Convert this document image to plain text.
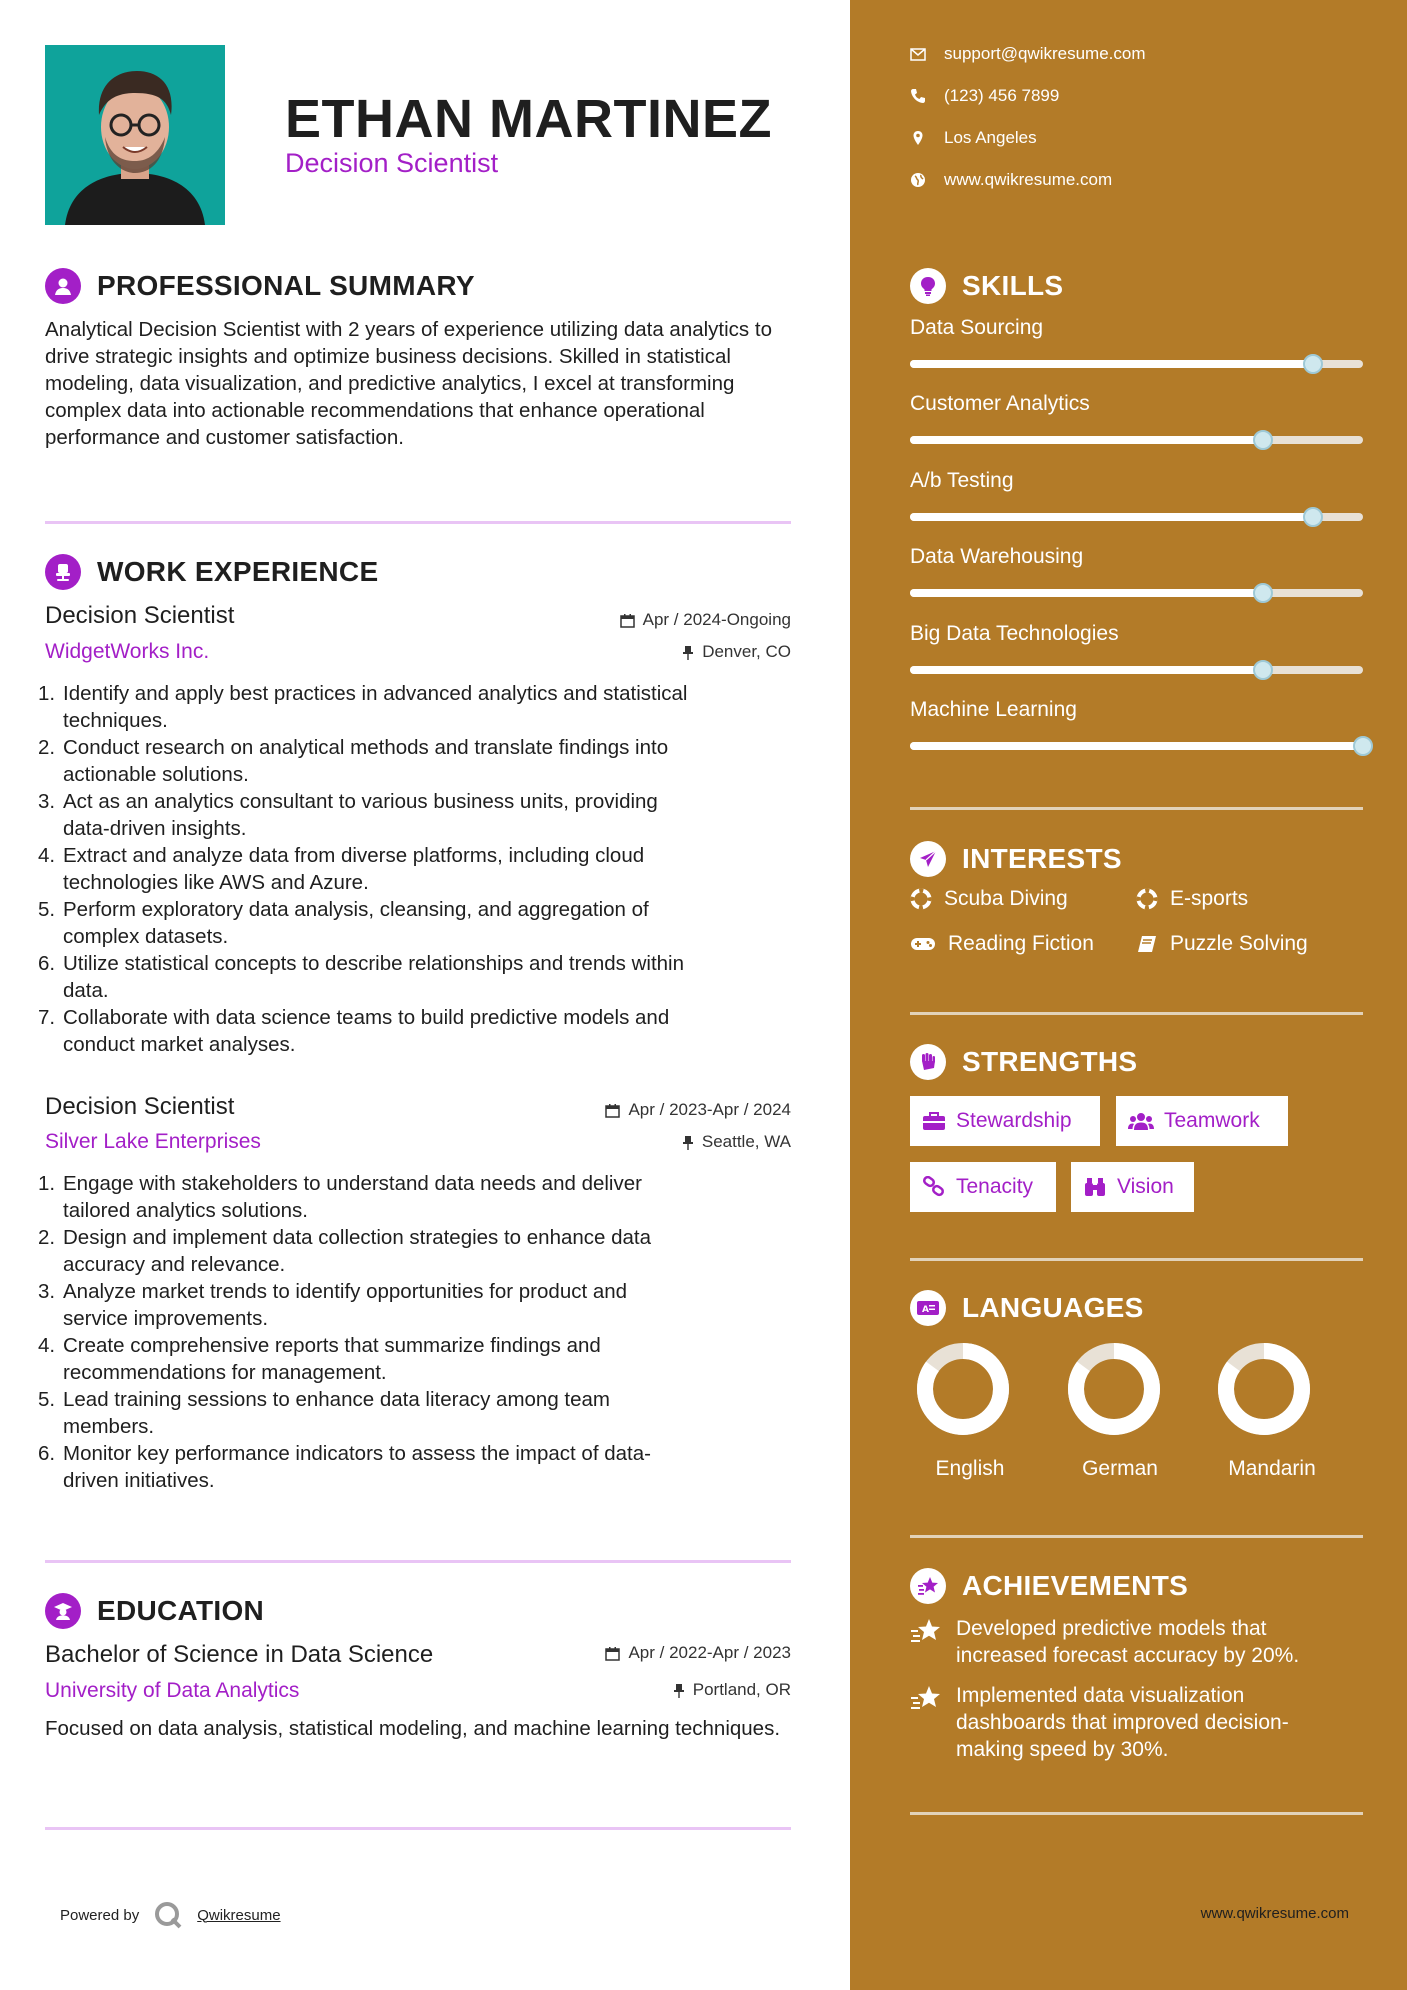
ETHAN MARTINEZ
Decision Scientist
PROFESSIONAL SUMMARY
Analytical Decision Scientist with 2 years of experience utilizing data analytics to drive strategic insights and optimize business decisions. Skilled in statistical modeling, data visualization, and predictive analytics, I excel at transforming complex data into actionable recommendations that enhance operational performance and customer satisfaction.
WORK EXPERIENCE
Decision Scientist	Apr / 2024-Ongoing
WidgetWorks Inc.	Denver, CO
1. Identify and apply best practices in advanced analytics and statistical
techniques.
2. Conduct research on analytical methods and translate findings into
actionable solutions.
3. Act as an analytics consultant to various business units, providing
data-driven insights.
4. Extract and analyze data from diverse platforms, including cloud
technologies like AWS and Azure.
5. Perform exploratory data analysis, cleansing, and aggregation of
complex datasets.
6. Utilize statistical concepts to describe relationships and trends within
data.
7. Collaborate with data science teams to build predictive models and
conduct market analyses.
Decision Scientist	Apr / 2023-Apr / 2024
Silver Lake Enterprises	Seattle, WA
1. Engage with stakeholders to understand data needs and deliver
tailored analytics solutions.
2. Design and implement data collection strategies to enhance data
accuracy and relevance.
3. Analyze market trends to identify opportunities for product and
service improvements.
4. Create comprehensive reports that summarize findings and
recommendations for management.
5. Lead training sessions to enhance data literacy among team
members.
6. Monitor key performance indicators to assess the impact of data-
driven initiatives.
EDUCATION
Bachelor of Science in Data Science	Apr / 2022-Apr / 2023
University of Data Analytics	Portland, OR
Focused on data analysis, statistical modeling, and machine learning techniques.
Powered by	Qwikresume
support@qwikresume.com
(123) 456 7899
Los Angeles
www.qwikresume.com
SKILLS
Data Sourcing
Customer Analytics
A/b Testing
Data Warehousing
Big Data Technologies
Machine Learning
INTERESTS
Scuba Diving	E-sports
Reading Fiction	Puzzle Solving
STRENGTHS
Stewardship	Teamwork
Tenacity	Vision
A LANGUAGES
English	German	Mandarin
ACHIEVEMENTS
Developed predictive models that
increased forecast accuracy by 20%.
Implemented data visualization
dashboards that improved decision-
making speed by 30%.
www.qwikresume.com
